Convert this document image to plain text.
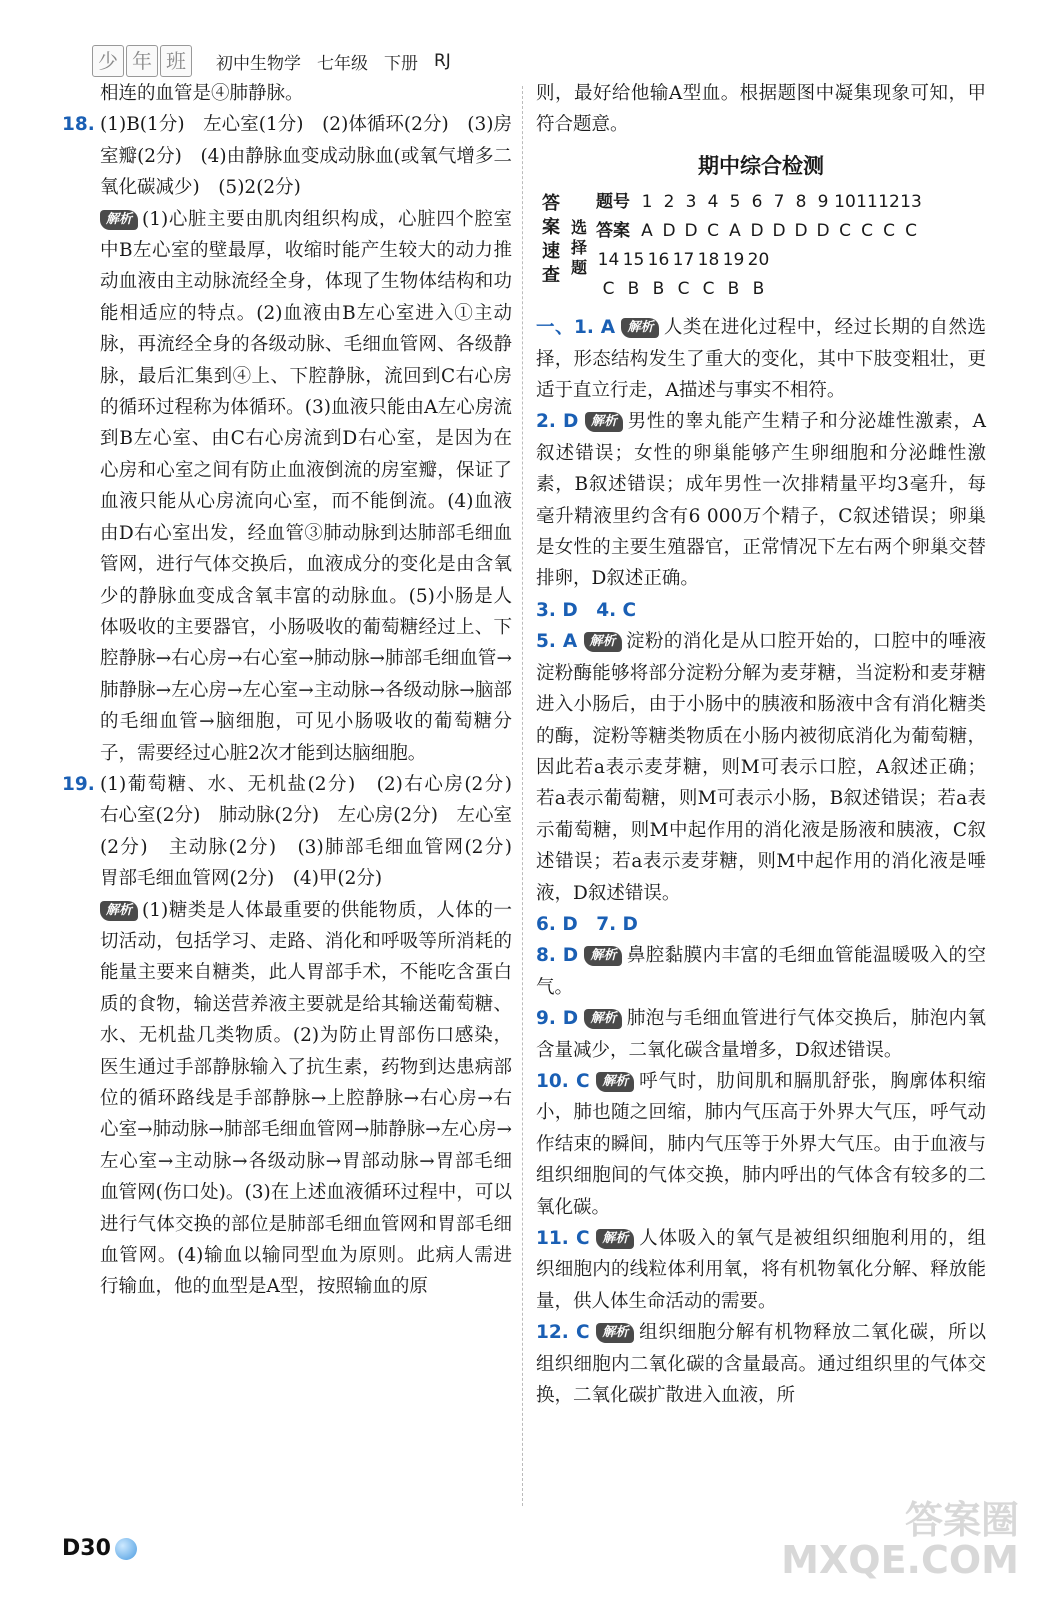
少 年 班	初中生物学 七年级 下册 RJ
相连的血管是④肺静脉。
18. (1)B(1分)　左心室(1分)　(2)体循环(2分)　(3)房室瓣(2分)　(4)由静脉血变成动脉血(或氧气增多二氧化碳减少)　(5)2(2分)
解析 (1)心脏主要由肌肉组织构成，心脏四个腔室中B左心室的壁最厚，收缩时能产生较大的动力推动血液由主动脉流经全身，体现了生物体结构和功能相适应的特点。(2)血液由B左心室进入①主动脉，再流经全身的各级动脉、毛细血管网、各级静脉，最后汇集到④上、下腔静脉，流回到C右心房的循环过程称为体循环。(3)血液只能由A左心房流到B左心室、由C右心房流到D右心室，是因为在心房和心室之间有防止血液倒流的房室瓣，保证了血液只能从心房流向心室，而不能倒流。(4)血液由D右心室出发，经血管③肺动脉到达肺部毛细血管网，进行气体交换后，血液成分的变化是由含氧少的静脉血变成含氧丰富的动脉血。(5)小肠是人体吸收的主要器官，小肠吸收的葡萄糖经过上、下腔静脉→右心房→右心室→肺动脉→肺部毛细血管→肺静脉→左心房→左心室→主动脉→各级动脉→脑部的毛细血管→脑细胞，可见小肠吸收的葡萄糖分子，需要经过心脏2次才能到达脑细胞。
19. (1)葡萄糖、水、无机盐(2分)　(2)右心房(2分)　右心室(2分)　肺动脉(2分)　左心房(2分)　左心室(2分)　主动脉(2分)　(3)肺部毛细血管网(2分)　胃部毛细血管网(2分)　(4)甲(2分)
解析 (1)糖类是人体最重要的供能物质，人体的一切活动，包括学习、走路、消化和呼吸等所消耗的能量主要来自糖类，此人胃部手术，不能吃含蛋白质的食物，输送营养液主要就是给其输送葡萄糖、水、无机盐几类物质。(2)为防止胃部伤口感染，医生通过手部静脉输入了抗生素，药物到达患病部位的循环路线是手部静脉→上腔静脉→右心房→右心室→肺动脉→肺部毛细血管网→肺静脉→左心房→左心室→主动脉→各级动脉→胃部动脉→胃部毛细血管网(伤口处)。(3)在上述血液循环过程中，可以进行气体交换的部位是肺部毛细血管网和胃部毛细血管网。(4)输血以输同型血为原则。此病人需进行输血，他的血型是A型，按照输血的原
则，最好给他输A型血。根据题图中凝集现象可知，甲符合题意。
期中综合检测
答
案
速
查
选
择
题
题号 1 2 3 4 5 6 7 8 9 10111213
答案 A D D C A D D D D C C C C
14 15 16 17 18 19 20
C B B C C B B
一、1. A 解析 人类在进化过程中，经过长期的自然选择，形态结构发生了重大的变化，其中下肢变粗壮，更适于直立行走，A描述与事实不相符。
2. D 解析 男性的睾丸能产生精子和分泌雄性激素，A叙述错误；女性的卵巢能够产生卵细胞和分泌雌性激素，B叙述错误；成年男性一次排精量平均3毫升，每毫升精液里约含有6 000万个精子，C叙述错误；卵巢是女性的主要生殖器官，正常情况下左右两个卵巢交替排卵，D叙述正确。
3. D　4. C
5. A 解析 淀粉的消化是从口腔开始的，口腔中的唾液淀粉酶能够将部分淀粉分解为麦芽糖，当淀粉和麦芽糖进入小肠后，由于小肠中的胰液和肠液中含有消化糖类的酶，淀粉等糖类物质在小肠内被彻底消化为葡萄糖，因此若a表示麦芽糖，则M可表示口腔，A叙述正确；若a表示葡萄糖，则M可表示小肠，B叙述错误；若a表示葡萄糖，则M中起作用的消化液是肠液和胰液，C叙述错误；若a表示麦芽糖，则M中起作用的消化液是唾液，D叙述错误。
6. D　7. D
8. D 解析 鼻腔黏膜内丰富的毛细血管能温暖吸入的空气。
9. D 解析 肺泡与毛细血管进行气体交换后，肺泡内氧含量减少，二氧化碳含量增多，D叙述错误。
10. C 解析 呼气时，肋间肌和膈肌舒张，胸廓体积缩小，肺也随之回缩，肺内气压高于外界大气压，呼气动作结束的瞬间，肺内气压等于外界大气压。由于血液与组织细胞间的气体交换，肺内呼出的气体含有较多的二氧化碳。
11. C 解析 人体吸入的氧气是被组织细胞利用的，组织细胞内的线粒体利用氧，将有机物氧化分解、释放能量，供人体生命活动的需要。
12. C 解析 组织细胞分解有机物释放二氧化碳，所以组织细胞内二氧化碳的含量最高。通过组织里的气体交换，二氧化碳扩散进入血液，所
D30
答案圈
MXQE.COM
